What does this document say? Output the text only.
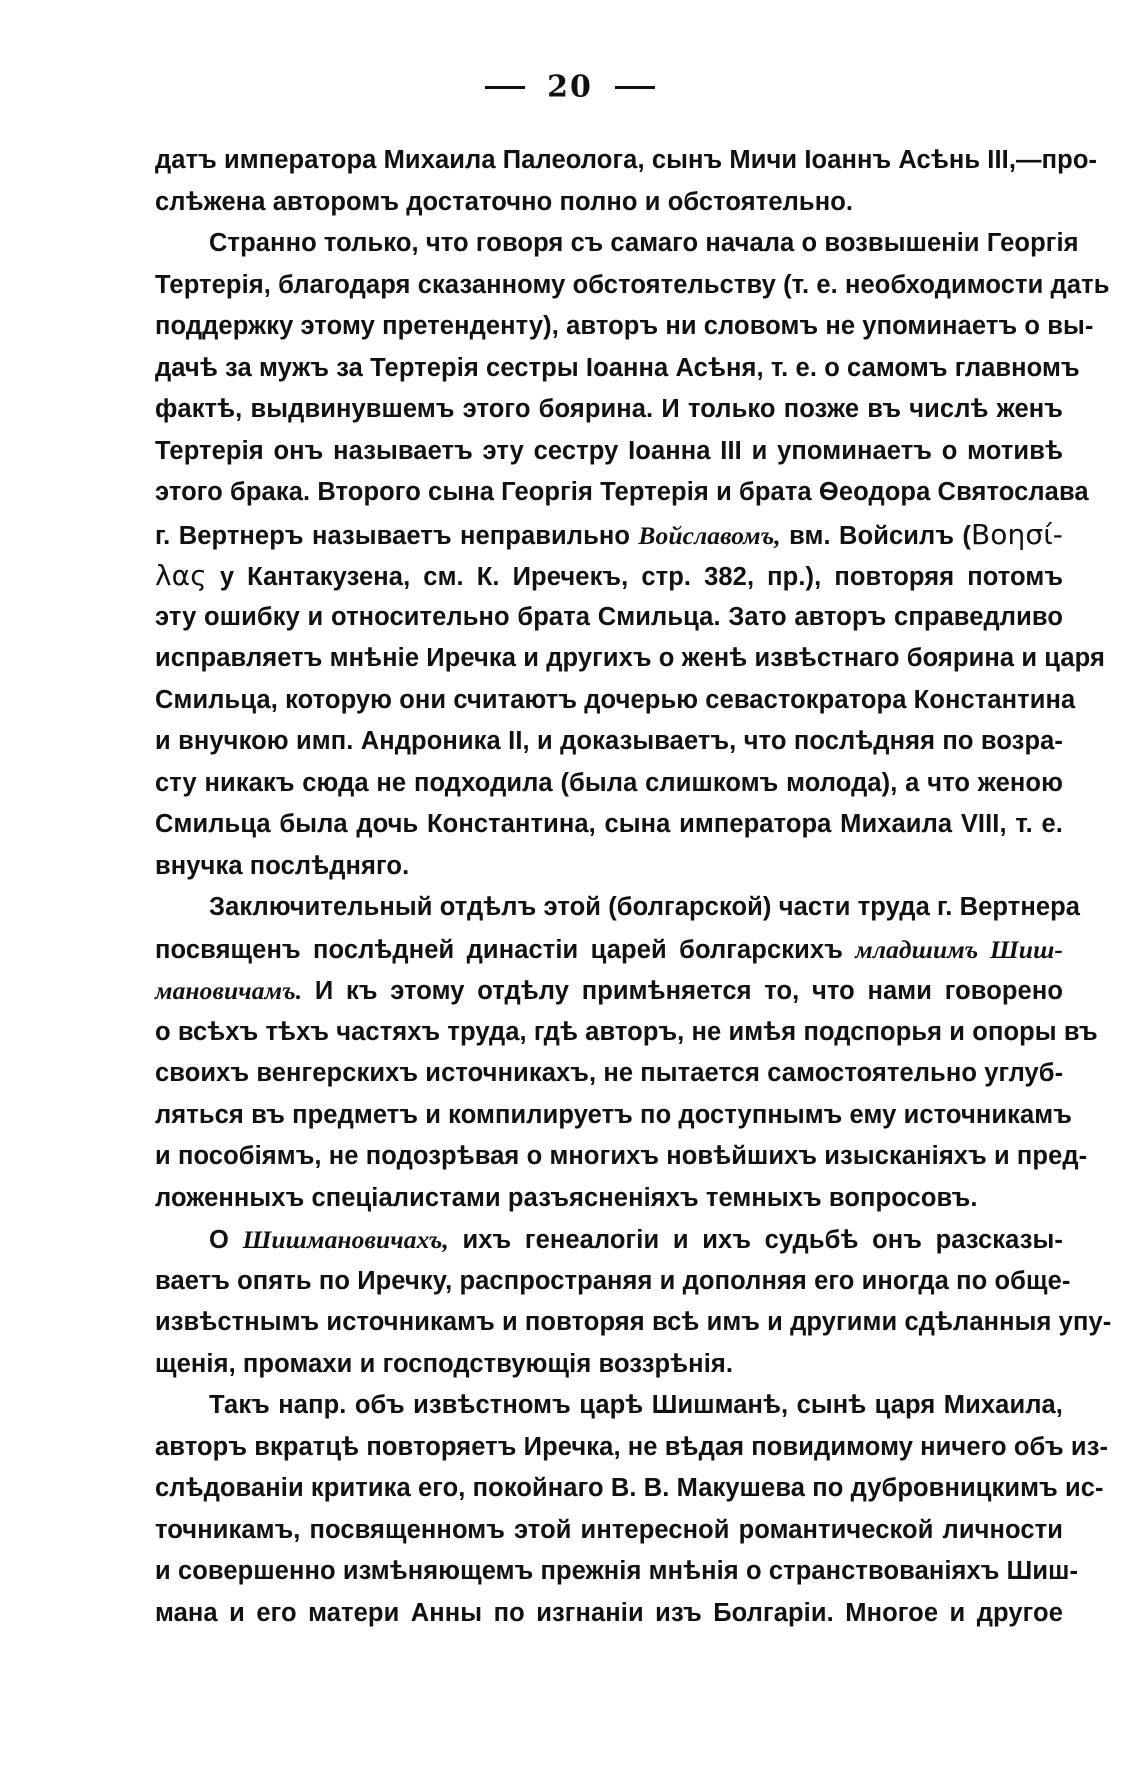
20
датъ императора Михаила Палеолога, сынъ Мичи Іоаннъ Асѣнь III,—про-
слѣжена авторомъ достаточно полно и обстоятельно.
Странно только, что говоря съ самаго начала о возвышеніи Георгія
Тертерія, благодаря сказанному обстоятельству (т. е. необходимости дать
поддержку этому претенденту), авторъ ни словомъ не упоминаетъ о вы-
дачѣ за мужъ за Тертерія сестры Іоанна Асѣня, т. е. о самомъ главномъ
фактѣ, выдвинувшемъ этого боярина. И только позже въ числѣ женъ
Тертерія онъ называетъ эту сестру Іоанна III и упоминаетъ о мотивѣ
этого брака. Второго сына Георгія Тертерія и брата Ѳеодора Святослава
г. Вертнеръ называетъ неправильно Войславомъ, вм. Войсилъ (Βοησί-
λας у Кантакузена, см. К. Иречекъ, стр. 382, пр.), повторяя потомъ
эту ошибку и относительно брата Смильца. Зато авторъ справедливо
исправляетъ мнѣніе Иречка и другихъ о женѣ извѣстнаго боярина и царя
Смильца, которую они считаютъ дочерью севастократора Константина
и внучкою имп. Андроника II, и доказываетъ, что послѣдняя по возра-
сту никакъ сюда не подходила (была слишкомъ молода), а что женою
Смильца была дочь Константина, сына императора Михаила VIII, т. е.
внучка послѣдняго.
Заключительный отдѣлъ этой (болгарской) части труда г. Вертнера
посвященъ послѣдней династіи царей болгарскихъ младшимъ Шиш-
мановичамъ. И къ этому отдѣлу примѣняется то, что нами говорено
о всѣхъ тѣхъ частяхъ труда, гдѣ авторъ, не имѣя подспорья и опоры въ
своихъ венгерскихъ источникахъ, не пытается самостоятельно углуб-
ляться въ предметъ и компилируетъ по доступнымъ ему источникамъ
и пособіямъ, не подозрѣвая о многихъ новѣйшихъ изысканіяхъ и пред-
ложенныхъ спеціалистами разъясненіяхъ темныхъ вопросовъ.
О Шишмановичахъ, ихъ генеалогіи и ихъ судьбѣ онъ разсказы-
ваетъ опять по Иречку, распространяя и дополняя его иногда по обще-
извѣстнымъ источникамъ и повторяя всѣ имъ и другими сдѣланныя упу-
щенія, промахи и господствующія воззрѣнія.
Такъ напр. объ извѣстномъ царѣ Шишманѣ, сынѣ царя Михаила,
авторъ вкратцѣ повторяетъ Иречка, не вѣдая повидимому ничего объ из-
слѣдованіи критика его, покойнаго В. В. Макушева по дубровницкимъ ис-
точникамъ, посвященномъ этой интересной романтической личности
и совершенно измѣняющемъ прежнія мнѣнія о странствованіяхъ Шиш-
мана и его матери Анны по изгнаніи изъ Болгаріи. Многое и другое
